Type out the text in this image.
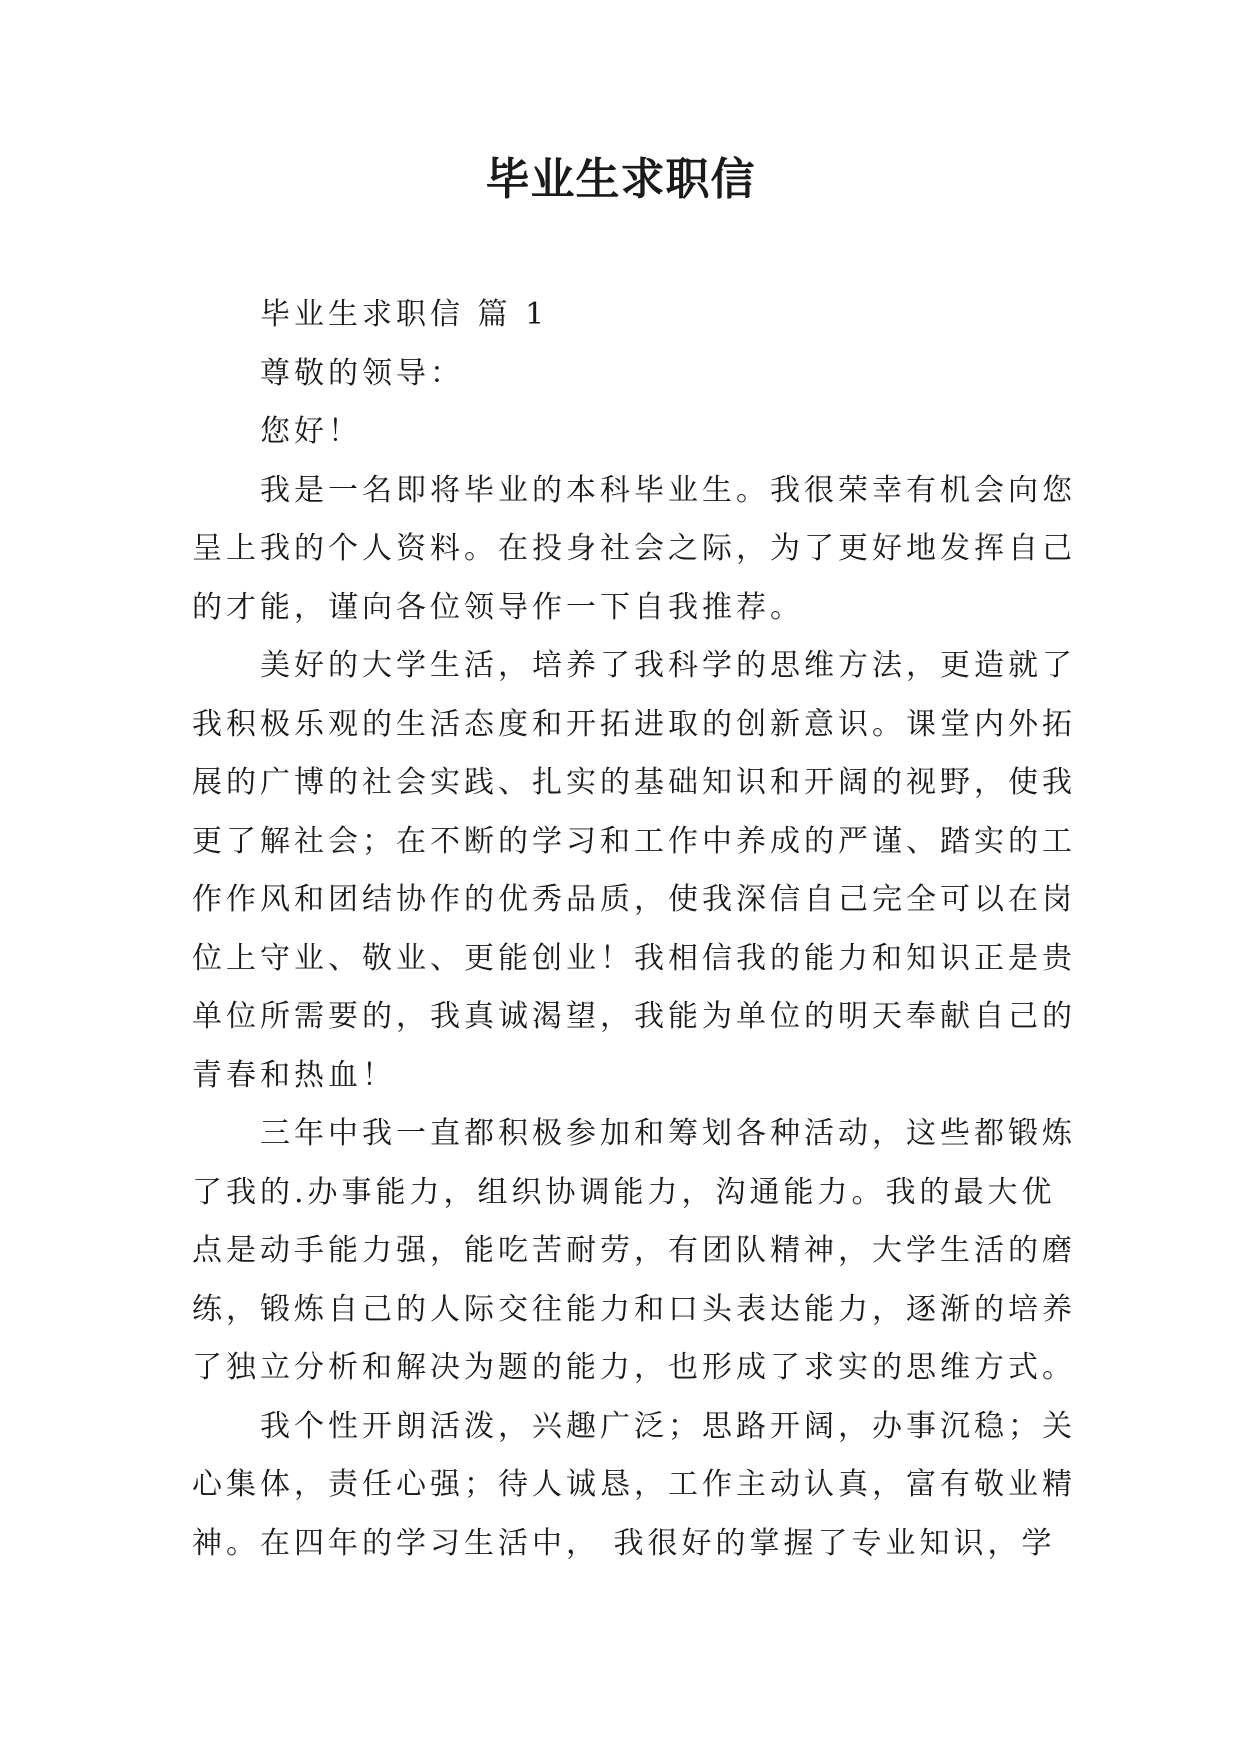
毕业生求职信
毕业生求职信 篇 1
尊敬的领导：
您好！
我是一名即将毕业的本科毕业生。我很荣幸有机会向您
呈上我的个人资料。在投身社会之际，为了更好地发挥自己
的才能，谨向各位领导作一下自我推荐。
美好的大学生活，培养了我科学的思维方法，更造就了
我积极乐观的生活态度和开拓进取的创新意识。课堂内外拓
展的广博的社会实践、扎实的基础知识和开阔的视野，使我
更了解社会；在不断的学习和工作中养成的严谨、踏实的工
作作风和团结协作的优秀品质，使我深信自己完全可以在岗
位上守业、敬业、更能创业！我相信我的能力和知识正是贵
单位所需要的，我真诚渴望，我能为单位的明天奉献自己的
青春和热血！
三年中我一直都积极参加和筹划各种活动，这些都锻炼
了我的.办事能力，组织协调能力，沟通能力。我的最大优
点是动手能力强，能吃苦耐劳，有团队精神，大学生活的磨
练，锻炼自己的人际交往能力和口头表达能力，逐渐的培养
了独立分析和解决为题的能力，也形成了求实的思维方式。
我个性开朗活泼，兴趣广泛；思路开阔，办事沉稳；关
心集体，责任心强；待人诚恳，工作主动认真，富有敬业精
神。在四年的学习生活中， 我很好的掌握了专业知识，学
